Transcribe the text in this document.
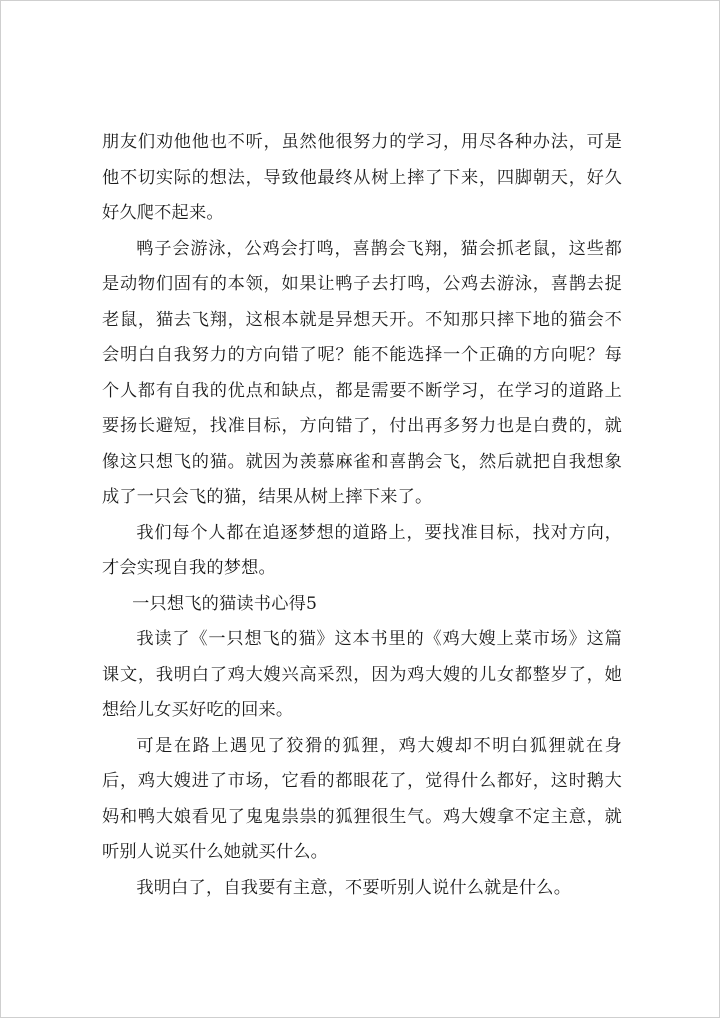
朋友们劝他他也不听，虽然他很努力的学习，用尽各种办法，可是他不切实际的想法，导致他最终从树上摔了下来，四脚朝天，好久好久爬不起来。

鸭子会游泳，公鸡会打鸣，喜鹊会飞翔，猫会抓老鼠，这些都是动物们固有的本领，如果让鸭子去打鸣，公鸡去游泳，喜鹊去捉老鼠，猫去飞翔，这根本就是异想天开。不知那只摔下地的猫会不会明白自我努力的方向错了呢？能不能选择一个正确的方向呢？每个人都有自我的优点和缺点，都是需要不断学习，在学习的道路上要扬长避短，找准目标，方向错了，付出再多努力也是白费的，就像这只想飞的猫。就因为羡慕麻雀和喜鹊会飞，然后就把自我想象成了一只会飞的猫，结果从树上摔下来了。

我们每个人都在追逐梦想的道路上，要找准目标，找对方向，才会实现自我的梦想。

一只想飞的猫读书心得5

我读了《一只想飞的猫》这本书里的《鸡大嫂上菜市场》这篇课文，我明白了鸡大嫂兴高采烈，因为鸡大嫂的儿女都整岁了，她想给儿女买好吃的回来。

可是在路上遇见了狡猾的狐狸，鸡大嫂却不明白狐狸就在身后，鸡大嫂进了市场，它看的都眼花了，觉得什么都好，这时鹅大妈和鸭大娘看见了鬼鬼祟祟的狐狸很生气。鸡大嫂拿不定主意，就听别人说买什么她就买什么。

我明白了，自我要有主意，不要听别人说什么就是什么。
